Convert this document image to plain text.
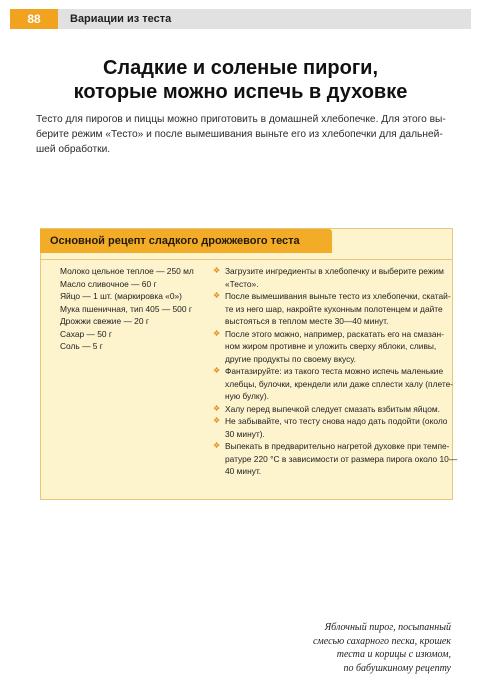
88	Вариации из теста
Сладкие и соленые пироги,
которые можно испечь в духовке
Тесто для пирогов и пиццы можно приготовить в домашней хлебопечке. Для этого вы-
берите режим «Тесто» и после вымешивания выньте его из хлебопечки для дальней-
шей обработки.
Основной рецепт сладкого дрожжевого теста
Молоко цельное теплое — 250 мл
Масло сливочное — 60 г
Яйцо — 1 шт. (маркировка «0»)
Мука пшеничная, тип 405 — 500 г
Дрожжи свежие — 20 г
Сахар — 50 г
Соль — 5 г
❖ Загрузите ингредиенты в хлебопечку и выберите режим
«Тесто».
❖ После вымешивания выньте тесто из хлебопечки, скатай-
те из него шар, накройте кухонным полотенцем и дайте
выстояться в теплом месте 30—40 минут.
❖ После этого можно, например, раскатать его на смазан-
ном жиром противне и уложить сверху яблоки, сливы,
другие продукты по своему вкусу.
❖ Фантазируйте: из такого теста можно испечь маленькие
хлебцы, булочки, крендели или даже сплести халу (плете-
ную булку).
❖ Халу перед выпечкой следует смазать взбитым яйцом.
❖ Не забывайте, что тесту снова надо дать подойти (около
30 минут).
❖ Выпекать в предварительно нагретой духовке при темпе-
ратуре 220 °С в зависимости от размера пирога около 10—
40 минут.
Яблочный пирог, посыпанный
смесью сахарного песка, крошек
теста и корицы с изюмом,
по бабушкиному рецепту
